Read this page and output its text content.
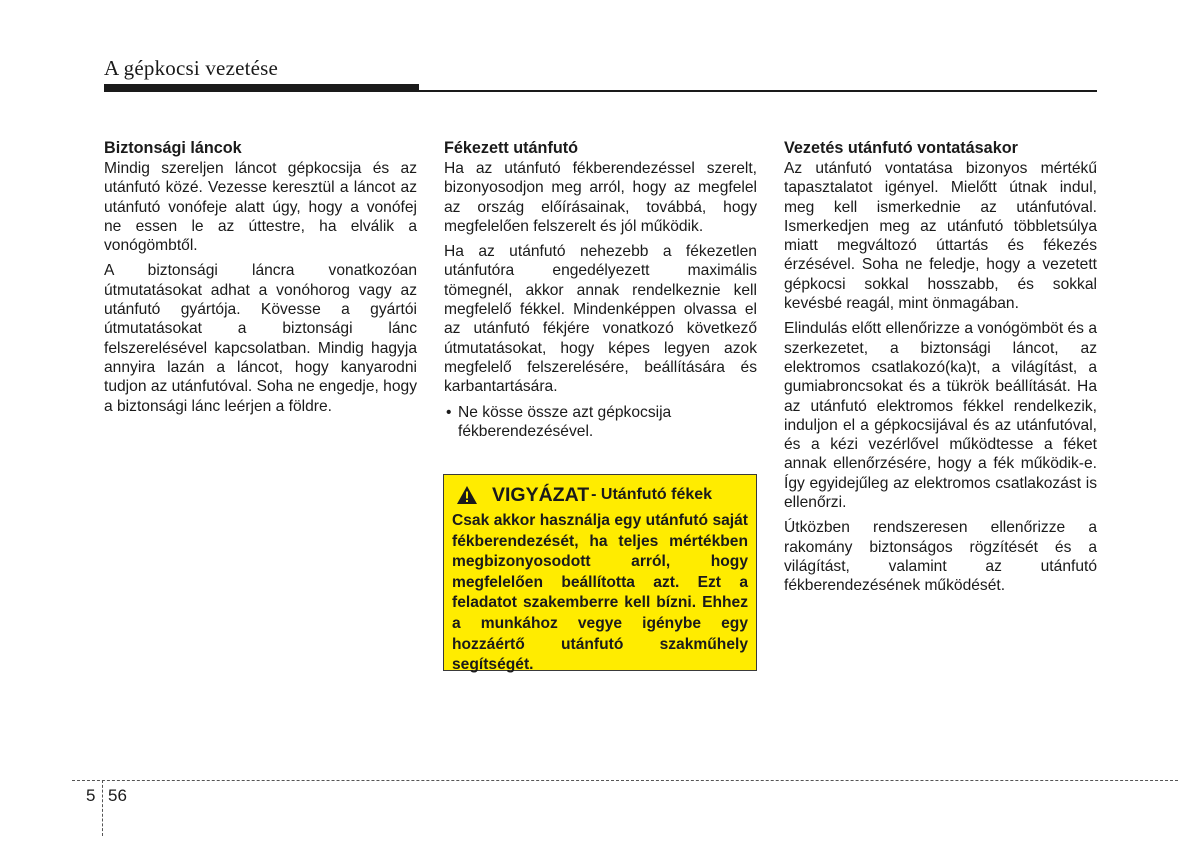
A gépkocsi vezetése
Biztonsági láncok

Mindig szereljen láncot gépkocsija és az utánfutó közé. Vezesse keresztül a láncot az utánfutó vonófeje alatt úgy, hogy a vonófej ne essen le az úttestre, ha elválik a vonógömbtől.

A biztonsági láncra vonatkozóan útmutatásokat adhat a vonóhorog vagy az utánfutó gyártója. Kövesse a gyártói útmutatásokat a biztonsági lánc felszerelésével kapcsolatban. Mindig hagyja annyira lazán a láncot, hogy kanyarodni tudjon az utánfutóval. Soha ne engedje, hogy a biztonsági lánc leérjen a földre.

Fékezett utánfutó

Ha az utánfutó fékberendezéssel szerelt, bizonyosodjon meg arról, hogy az megfelel az ország előírásainak, továbbá, hogy megfelelően felszerelt és jól működik.

Ha az utánfutó nehezebb a fékezetlen utánfutóra engedélyezett maximális tömegnél, akkor annak rendelkeznie kell megfelelő fékkel. Mindenképpen olvassa el az utánfutó fékjére vonatkozó következő útmutatásokat, hogy képes legyen azok megfelelő felszerelésére, beállítására és karbantartására.

• Ne kösse össze azt gépkocsija fékberendezésével.
VIGYÁZAT - Utánfutó fékek

Csak akkor használja egy utánfutó saját fékberendezését, ha teljes mértékben megbizonyosodott arról, hogy megfelelően beállította azt. Ezt a feladatot szakemberre kell bízni. Ehhez a munkához vegye igénybe egy hozzáértő utánfutó szakműhely segítségét.

Vezetés utánfutó vontatásakor

Az utánfutó vontatása bizonyos mértékű tapasztalatot igényel. Mielőtt útnak indul, meg kell ismerkednie az utánfutóval. Ismerkedjen meg az utánfutó többletsúlya miatt megváltozó úttartás és fékezés érzésével. Soha ne feledje, hogy a vezetett gépkocsi sokkal hosszabb, és sokkal kevésbé reagál, mint önmagában.

Elindulás előtt ellenőrizze a vonógömböt és a szerkezetet, a biztonsági láncot, az elektromos csatlakozó(ka)t, a világítást, a gumiabroncsokat és a tükrök beállítását. Ha az utánfutó elektromos fékkel rendelkezik, induljon el a gépkocsijával és az utánfutóval, és a kézi vezérlővel működtesse a féket annak ellenőrzésére, hogy a fék működik-e. Így egyidejűleg az elektromos csatlakozást is ellenőrzi.

Útközben rendszeresen ellenőrizze a rakomány biztonságos rögzítését és a világítást, valamint az utánfutó fékberendezésének működését.

5 56
